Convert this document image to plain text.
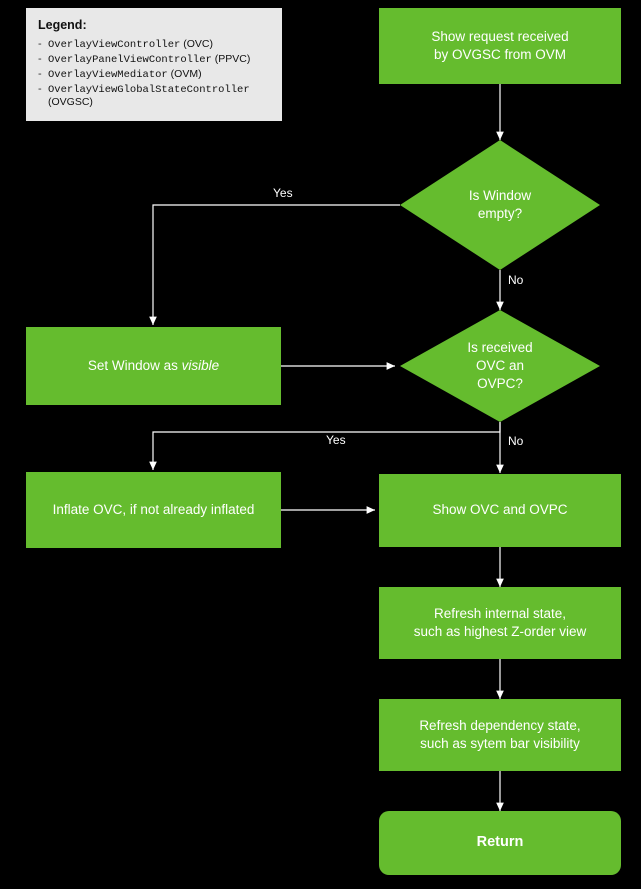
Show request received
by OVGSC from OVM
Is Window
empty?
Set Window as visible
Is received
OVC an
OVPC?
Inflate OVC, if not already inflated	Show OVC and OVPC
Refresh internal state,
such as highest Z-order view
Refresh dependency state,
such as sytem bar visibility
Return
Yes
No
Yes	No
Legend:
- OverlayViewController (OVC)
- OverlayPanelViewController (PPVC)
- OverlayViewMediator (OVM)
- OverlayViewGlobalStateController (OVGSC)
